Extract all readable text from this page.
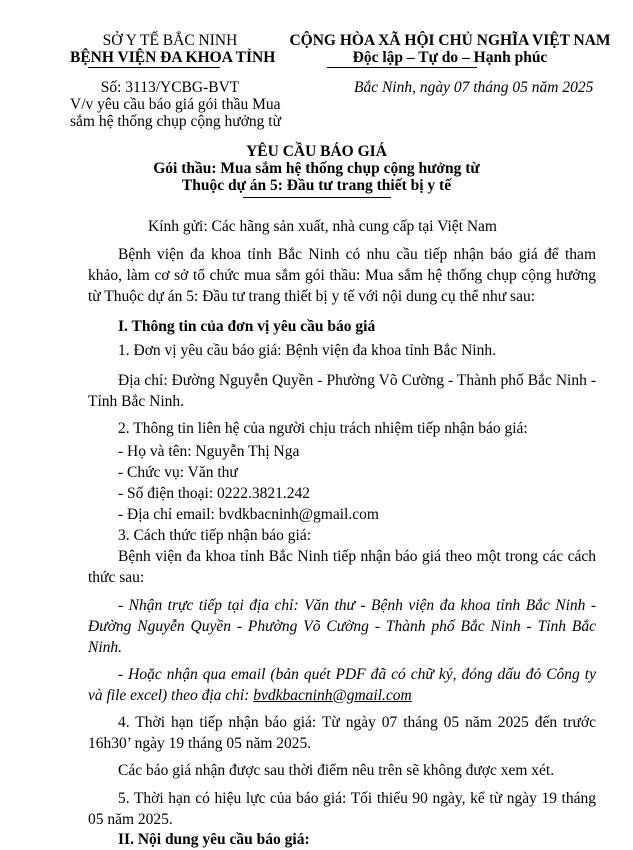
SỞ Y TẾ BẮC NINH
BỆNH VIỆN ĐA KHOA TỈNH
CỘNG HÒA XÃ HỘI CHỦ NGHĨA VIỆT NAM
Độc lập – Tự do – Hạnh phúc
Số: 3113/YCBG-BVT
V/v yêu cầu báo giá gói thầu Mua
sắm hệ thống chụp cộng hưởng từ
Bắc Ninh, ngày 07 tháng 05 năm 2025
YÊU CẦU BÁO GIÁ
Gói thầu: Mua sắm hệ thống chụp cộng hưởng từ
Thuộc dự án 5: Đầu tư trang thiết bị y tế
Kính gửi: Các hãng sản xuất, nhà cung cấp tại Việt Nam
Bệnh viện đa khoa tỉnh Bắc Ninh có nhu cầu tiếp nhận báo giá để tham khảo, làm cơ sở tổ chức mua sắm gói thầu: Mua sắm hệ thống chụp cộng hưởng từ Thuộc dự án 5: Đầu tư trang thiết bị y tế với nội dung cụ thể như sau:
I. Thông tin của đơn vị yêu cầu báo giá
1. Đơn vị yêu cầu báo giá: Bệnh viện đa khoa tỉnh Bắc Ninh.
Địa chỉ: Đường Nguyễn Quyền - Phường Võ Cường - Thành phố Bắc Ninh - Tỉnh Bắc Ninh.
2. Thông tin liên hệ của người chịu trách nhiệm tiếp nhận báo giá:
- Họ và tên: Nguyễn Thị Nga
- Chức vụ: Văn thư
- Số điện thoại: 0222.3821.242
- Địa chỉ email: bvdkbacninh@gmail.com
3. Cách thức tiếp nhận báo giá:
Bệnh viện đa khoa tỉnh Bắc Ninh tiếp nhận báo giá theo một trong các cách thức sau:
- Nhận trực tiếp tại địa chỉ: Văn thư - Bệnh viện đa khoa tỉnh Bắc Ninh - Đường Nguyễn Quyền - Phường Võ Cường - Thành phố Bắc Ninh - Tỉnh Bắc Ninh.
- Hoặc nhận qua email (bản quét PDF đã có chữ ký, đóng dấu đỏ Công ty và file excel) theo địa chỉ: bvdkbacninh@gmail.com
4. Thời hạn tiếp nhận báo giá: Từ ngày 07 tháng 05 năm 2025 đến trước 16h30’ ngày 19 tháng 05 năm 2025.
Các báo giá nhận được sau thời điểm nêu trên sẽ không được xem xét.
5. Thời hạn có hiệu lực của báo giá: Tối thiểu 90 ngày, kể từ ngày 19 tháng 05 năm 2025.
II. Nội dung yêu cầu báo giá:
